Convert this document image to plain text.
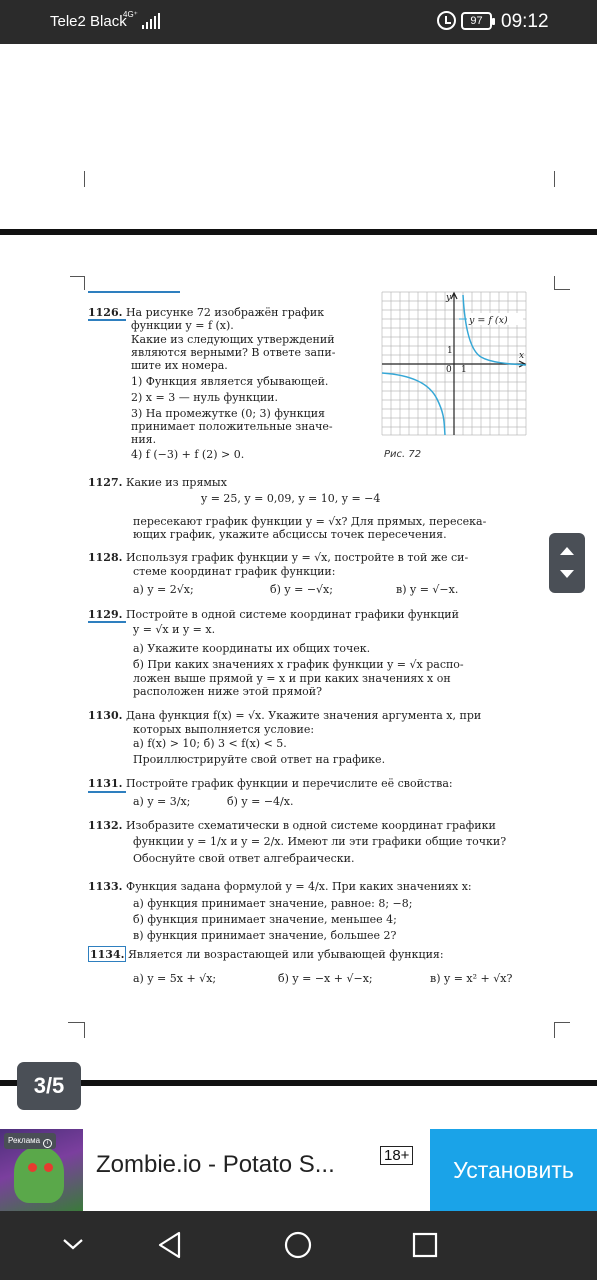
Tele2 Black
4G⁺
97 09:12
1126. На рисунке 72 изображён график
функции y = f (x).
Какие из следующих утверждений
являются верными? В ответе запи-
шите их номера.
1) Функция является убывающей.
2) x = 3 — нуль функции.
3) На промежутке (0; 3) функция
принимает положительные значе-
ния.
4) f (−3) + f (2) > 0.
y = f (x)
y
x
1
0 1
Рис. 72
1127. Какие из прямых
y = 25, y = 0,09, y = 10, y = −4
пересекают график функции y = √x? Для прямых, пересека-
ющих график, укажите абсциссы точек пересечения.
1128. Используя график функции y = √x, постройте в той же си-
стеме координат график функции:
а) y = 2√x;	б) y = −√x;	в) y = √−x.
1129. Постройте в одной системе координат графики функций
y = √x и y = x.
а) Укажите координаты их общих точек.
б) При каких значениях x график функции y = √x распо-
ложен выше прямой y = x и при каких значениях x он
расположен ниже этой прямой?
1130. Дана функция f(x) = √x. Укажите значения аргумента x, при
которых выполняется условие:
а) f(x) > 10; б) 3 < f(x) < 5.
Проиллюстрируйте свой ответ на графике.
1131. Постройте график функции и перечислите её свойства:
а) y = 3/x;	б) y = −4/x.
1132. Изобразите схематически в одной системе координат графики
функции y = 1/x и y = 2/x. Имеют ли эти графики общие точки?
Обоснуйте свой ответ алгебраически.
1133. Функция задана формулой y = 4/x. При каких значениях x:
а) функция принимает значение, равное: 8; −8;
б) функция принимает значение, меньшее 4;
в) функция принимает значение, большее 2?
1134. Является ли возрастающей или убывающей функция:
а) y = 5x + √x;	б) y = −x + √−x;	в) y = x² + √x?
3/5
Реклама i
Zombie.io - Potato S...	18+
Установить
